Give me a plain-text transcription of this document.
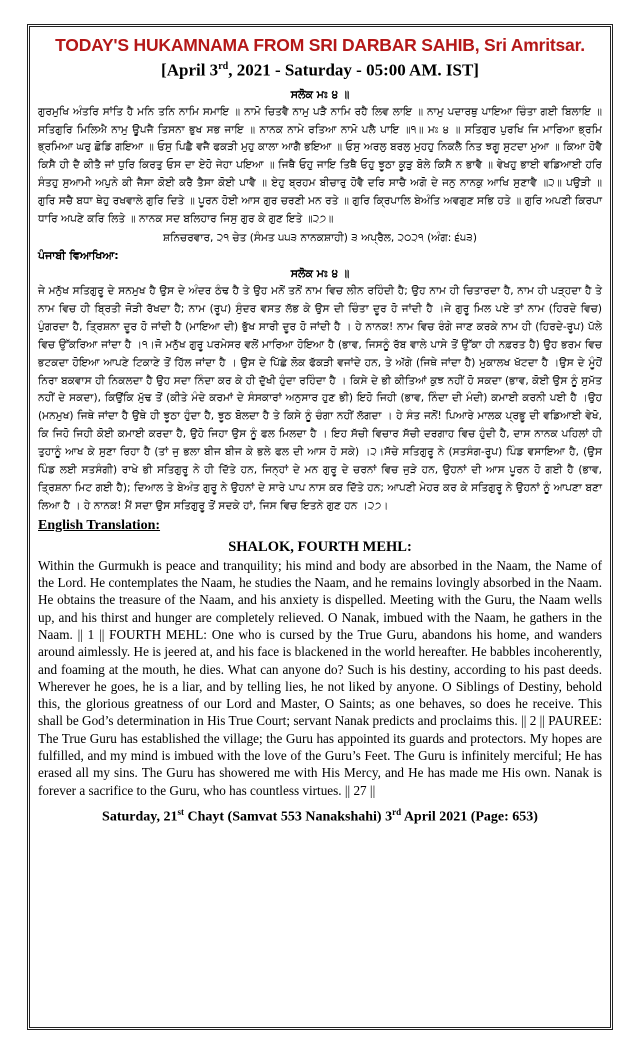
TODAY'S HUKAMNAMA FROM SRI DARBAR SAHIB, Sri Amritsar.
[April 3rd, 2021 - Saturday - 05:00 AM. IST]
ਸਲੋਕ ਮਃ ੪ ॥
ਗੁਰਮੁਖਿ ਅੰਤਰਿ ਸਾਂਤਿ ਹੈ ਮਨਿ ਤਨਿ ਨਾਮਿ ਸਮਾਇ ॥ ਨਾਮੋ ਚਿਤਵੈ ਨਾਮੁ ਪੜੈ ਨਾਮਿ ਰਹੈ ਲਿਵ ਲਾਇ ॥ ਨਾਮੁ ਪਦਾਰਥੁ ਪਾਇਆ ਚਿੰਤਾ ਗਈ ਬਿਲਾਇ ॥ ਸਤਿਗੁਰਿ ਮਿਲਿਐ ਨਾਮੁ ਊਪਜੈ ਤਿਸਨਾ ਭੁਖ ਸਭ ਜਾਇ ॥ ਨਾਨਕ ਨਾਮੇ ਰਤਿਆ ਨਾਮੋ ਪਲੈ ਪਾਇ ॥੧॥ ਮਃ ੪ ॥ ਸਤਿਗੁਰ ਪੁਰਖਿ ਜਿ ਮਾਰਿਆ ਭ੍ਰਮਿ ਭ੍ਰਮਿਆ ਘਰੁ ਛੋਡਿ ਗਇਆ ॥ ਓਸੁ ਪਿਛੈ ਵਜੈ ਫਕੜੀ ਮੁਹੁ ਕਾਲਾ ਆਗੈ ਭਇਆ ॥ ਓਸੁ ਅਰਲੁ ਬਰਲੁ ਮੁਹਹੁ ਨਿਕਲੈ ਨਿਤ ਝਗੂ ਸੁਟਦਾ ਮੁਆ ॥ ਕਿਆ ਹੋਵੈ ਕਿਸੈ ਹੀ ਦੈ ਕੀਤੈ ਜਾਂ ਧੁਰਿ ਕਿਰਤੁ ਓਸ ਦਾ ਏਹੋ ਜੇਹਾ ਪਇਆ ॥ ਜਿਥੈ ਓਹੁ ਜਾਇ ਤਿਥੈ ਓਹੁ ਝੂਠਾ ਕੂੜੁ ਬੋਲੇ ਕਿਸੈ ਨ ਭਾਵੈ ॥ ਵੇਖਹੁ ਭਾਈ ਵਡਿਆਈ ਹਰਿ ਸੰਤਹੁ ਸੁਆਮੀ ਅਪੁਨੇ ਕੀ ਜੈਸਾ ਕੋਈ ਕਰੈ ਤੈਸਾ ਕੋਈ ਪਾਵੈ ॥ ਏਹੁ ਬ੍ਰਹਮ ਬੀਚਾਰੁ ਹੋਵੈ ਦਰਿ ਸਾਚੈ ਅਗੋ ਦੇ ਜਨੁ ਨਾਨਕੁ ਆਖਿ ਸੁਣਾਵੈ ॥੨॥ ਪਉੜੀ ॥ ਗੁਰਿ ਸਚੈ ਬਧਾ ਥੇਹੁ ਰਖਵਾਲੇ ਗੁਰਿ ਦਿਤੇ ॥ ਪੂਰਨ ਹੋਈ ਆਸ ਗੁਰ ਚਰਣੀ ਮਨ ਰਤੇ ॥ ਗੁਰਿ ਕ੍ਰਿਪਾਲਿ ਬੇਅੰਤਿ ਅਵਗੁਣ ਸਭਿ ਹਤੇ ॥ ਗੁਰਿ ਅਪਣੀ ਕਿਰਪਾ ਧਾਰਿ ਅਪਣੇ ਕਰਿ ਲਿਤੇ ॥ ਨਾਨਕ ਸਦ ਬਲਿਹਾਰ ਜਿਸੁ ਗੁਰ ਕੇ ਗੁਣ ਇਤੇ ॥੨੭॥
ਸ਼ਨਿਚਰਵਾਰ, ੨੧ ਚੇਤ (ਸੰਮਤ ੫੫੩ ਨਾਨਕਸ਼ਾਹੀ) ੩ ਅਪ੍ਰੈਲ, ੨੦੨੧ (ਅੰਗ: ੬੫੩)
ਪੰਜਾਬੀ ਵਿਆਖਿਆ:
ਸਲੋਕ ਮਃ ੪ ॥
ਜੇ ਮਨੁੱਖ ਸਤਿਗੁਰੂ ਦੇ ਸਨਮੁਖ ਹੈ ਉਸ ਦੇ ਅੰਦਰ ਠੰਢ ਹੈ ਤੇ ਉਹ ਮਨੋਂ ਤਨੋਂ ਨਾਮ ਵਿਚ ਲੀਨ ਰਹਿੰਦੀ ਹੈ; ਉਹ ਨਾਮ ਹੀ ਚਿਤਾਰਦਾ ਹੈ, ਨਾਮ ਹੀ ਪੜ੍ਹਦਾ ਹੈ ਤੇ ਨਾਮ ਵਿਚ ਹੀ ਬ੍ਰਿਤੀ ਜੋੜੀ ਰੱਖਦਾ ਹੈ; ਨਾਮ (ਰੂਪ) ਸੁੰਦਰ ਵਸਤ ਲੱਭ ਕੇ ਉਸ ਦੀ ਚਿੰਤਾ ਦੂਰ ਹੋ ਜਾਂਦੀ ਹੈ ।ਜੇ ਗੁਰੂ ਮਿਲ ਪਏ ਤਾਂ ਨਾਮ (ਹਿਰਦੇ ਵਿਚ) ਪੁੰਗਰਦਾ ਹੈ, ਤ੍ਰਿਸ਼ਨਾ ਦੂਰ ਹੋ ਜਾਂਦੀ ਹੈ (ਮਾਇਆ ਦੀ) ਭੁੱਖ ਸਾਰੀ ਦੂਰ ਹੋ ਜਾਂਦੀ ਹੈ । ਹੇ ਨਾਨਕ! ਨਾਮ ਵਿਚ ਰੰਗੇ ਜਾਣ ਕਰਕੇ ਨਾਮ ਹੀ (ਹਿਰਦੇ-ਰੂਪ) ਪੱਲੇ ਵਿਚ ਉੱਕਰਿਆ ਜਾਂਦਾ ਹੈ ।੧।ਜੋ ਮਨੁੱਖ ਗੁਰੂ ਪਰਮੇਸਰ ਵਲੋਂ ਮਾਰਿਆ ਹੋਇਆ ਹੈ (ਭਾਵ, ਜਿਸਨੂੰ ਰੱਬ ਵਾਲੇ ਪਾਸੇ ਤੋਂ ਉੱਕਾ ਹੀ ਨਫ਼ਰਤ ਹੈ) ਉਹ ਭਰਮ ਵਿਚ ਭਟਕਦਾ ਹੋਇਆ ਆਪਣੇ ਟਿਕਾਣੇ ਤੋਂ ਹਿੱਲ ਜਾਂਦਾ ਹੈ । ਉਸ ਦੇ ਪਿੱਛੇ ਲੋਕ ਫੱਕੜੀ ਵਜਾਂਦੇ ਹਨ, ਤੇ ਅੱਗੇ (ਜਿਥੇ ਜਾਂਦਾ ਹੈ) ਮੁਕਾਲਖ ਖੱਟਦਾ ਹੈ ।ਉਸ ਦੇ ਮੂੰਹੋਂ ਨਿਰਾ ਬਕਵਾਸ ਹੀ ਨਿਕਲਦਾ ਹੈ ਉਹ ਸਦਾ ਨਿੰਦਾ ਕਰ ਕੇ ਹੀ ਦੁੱਖੀ ਹੁੰਦਾ ਰਹਿੰਦਾ ਹੈ । ਕਿਸੇ ਦੇ ਭੀ ਕੀਤਿਆਂ ਕੁਝ ਨਹੀਂ ਹੋ ਸਕਦਾ (ਭਾਵ, ਕੋਈ ਉਸ ਨੂੰ ਸੁਮੱਤ ਨਹੀਂ ਦੇ ਸਕਦਾ), ਕਿਉਂਕਿ ਮੁੱਢ ਤੋਂ (ਕੀਤੇ ਮੰਦੇ ਕਰਮਾਂ ਦੇ ਸੰਸਕਾਰਾਂ ਅਨੁਸਾਰ ਹੁਣ ਭੀ) ਇਹੋ ਜਿਹੀ (ਭਾਵ, ਨਿੰਦਾ ਦੀ ਮੰਦੀ) ਕਮਾਈ ਕਰਨੀ ਪਈ ਹੈ ।ਉਹ (ਮਨਮੁਖ) ਜਿਥੇ ਜਾਂਦਾ ਹੈ ਉਥੇ ਹੀ ਝੂਠਾ ਹੁੰਦਾ ਹੈ, ਝੂਠ ਬੋਲਦਾ ਹੈ ਤੇ ਕਿਸੇ ਨੂੰ ਚੰਗਾ ਨਹੀਂ ਲੱਗਦਾ । ਹੇ ਸੰਤ ਜਨੋਂ! ਪਿਆਰੇ ਮਾਲਕ ਪ੍ਰਭੂ ਦੀ ਵਡਿਆਈ ਵੇਖੋ, ਕਿ ਜਿਹੋ ਜਿਹੀ ਕੋਈ ਕਮਾਈ ਕਰਦਾ ਹੈ, ਉਹੋ ਜਿਹਾ ਉਸ ਨੂੰ ਫਲ ਮਿਲਦਾ ਹੈ । ਇਹ ਸੱਚੀ ਵਿਚਾਰ ਸੱਚੀ ਦਰਗਾਹ ਵਿਚ ਹੁੰਦੀ ਹੈ, ਦਾਸ ਨਾਨਕ ਪਹਿਲਾਂ ਹੀ ਤੁਹਾਨੂੰ ਆਖ ਕੇ ਸੁਣਾ ਰਿਹਾ ਹੈ (ਤਾਂ ਜੁ ਭਲਾ ਬੀਜ ਬੀਜ ਕੇ ਭਲੇ ਫਲ ਦੀ ਆਸ ਹੋ ਸਕੇ) ।੨।ਸੱਚੇ ਸਤਿਗੁਰੂ ਨੇ (ਸਤਸੰਗ-ਰੂਪ) ਪਿੰਡ ਵਸਾਇਆ ਹੈ, (ਉਸ ਪਿੰਡ ਲਈ ਸਤਸੰਗੀ) ਰਾਖੇ ਭੀ ਸਤਿਗੁਰੂ ਨੇ ਹੀ ਦਿੱਤੇ ਹਨ, ਜਿਨ੍ਹਾਂ ਦੇ ਮਨ ਗੁਰੂ ਦੇ ਚਰਨਾਂ ਵਿਚ ਜੁੜੇ ਹਨ, ਉਹਨਾਂ ਦੀ ਆਸ ਪੂਰਨ ਹੋ ਗਈ ਹੈ (ਭਾਵ, ਤ੍ਰਿਸ਼ਨਾ ਮਿਟ ਗਈ ਹੈ); ਦਿਆਲ ਤੇ ਬੇਅੰਤ ਗੁਰੂ ਨੇ ਉਹਨਾਂ ਦੇ ਸਾਰੇ ਪਾਪ ਨਾਸ ਕਰ ਦਿੱਤੇ ਹਨ; ਆਪਣੀ ਮੇਹਰ ਕਰ ਕੇ ਸਤਿਗੁਰੂ ਨੇ ਉਹਨਾਂ ਨੂੰ ਆਪਣਾ ਬਣਾ ਲਿਆ ਹੈ । ਹੇ ਨਾਨਕ! ਮੈਂ ਸਦਾ ਉਸ ਸਤਿਗੁਰੂ ਤੋਂ ਸਦਕੇ ਹਾਂ, ਜਿਸ ਵਿਚ ਇਤਨੇ ਗੁਣ ਹਨ ।੨੭।
English Translation:
SHALOK, FOURTH MEHL:
Within the Gurmukh is peace and tranquility; his mind and body are absorbed in the Naam, the Name of the Lord. He contemplates the Naam, he studies the Naam, and he remains lovingly absorbed in the Naam. He obtains the treasure of the Naam, and his anxiety is dispelled. Meeting with the Guru, the Naam wells up, and his thirst and hunger are completely relieved. O Nanak, imbued with the Naam, he gathers in the Naam. || 1 || FOURTH MEHL: One who is cursed by the True Guru, abandons his home, and wanders around aimlessly. He is jeered at, and his face is blackened in the world hereafter. He babbles incoherently, and foaming at the mouth, he dies. What can anyone do? Such is his destiny, according to his past deeds. Wherever he goes, he is a liar, and by telling lies, he not liked by anyone. O Siblings of Destiny, behold this, the glorious greatness of our Lord and Master, O Saints; as one behaves, so does he receive. This shall be God’s determination in His True Court; servant Nanak predicts and proclaims this. || 2 || PAUREE: The True Guru has established the village; the Guru has appointed its guards and protectors. My hopes are fulfilled, and my mind is imbued with the love of the Guru’s Feet. The Guru is infinitely merciful; He has erased all my sins. The Guru has showered me with His Mercy, and He has made me His own. Nanak is forever a sacrifice to the Guru, who has countless virtues. || 27 ||
Saturday, 21st Chayt (Samvat 553 Nanakshahi) 3rd April 2021 (Page: 653)
